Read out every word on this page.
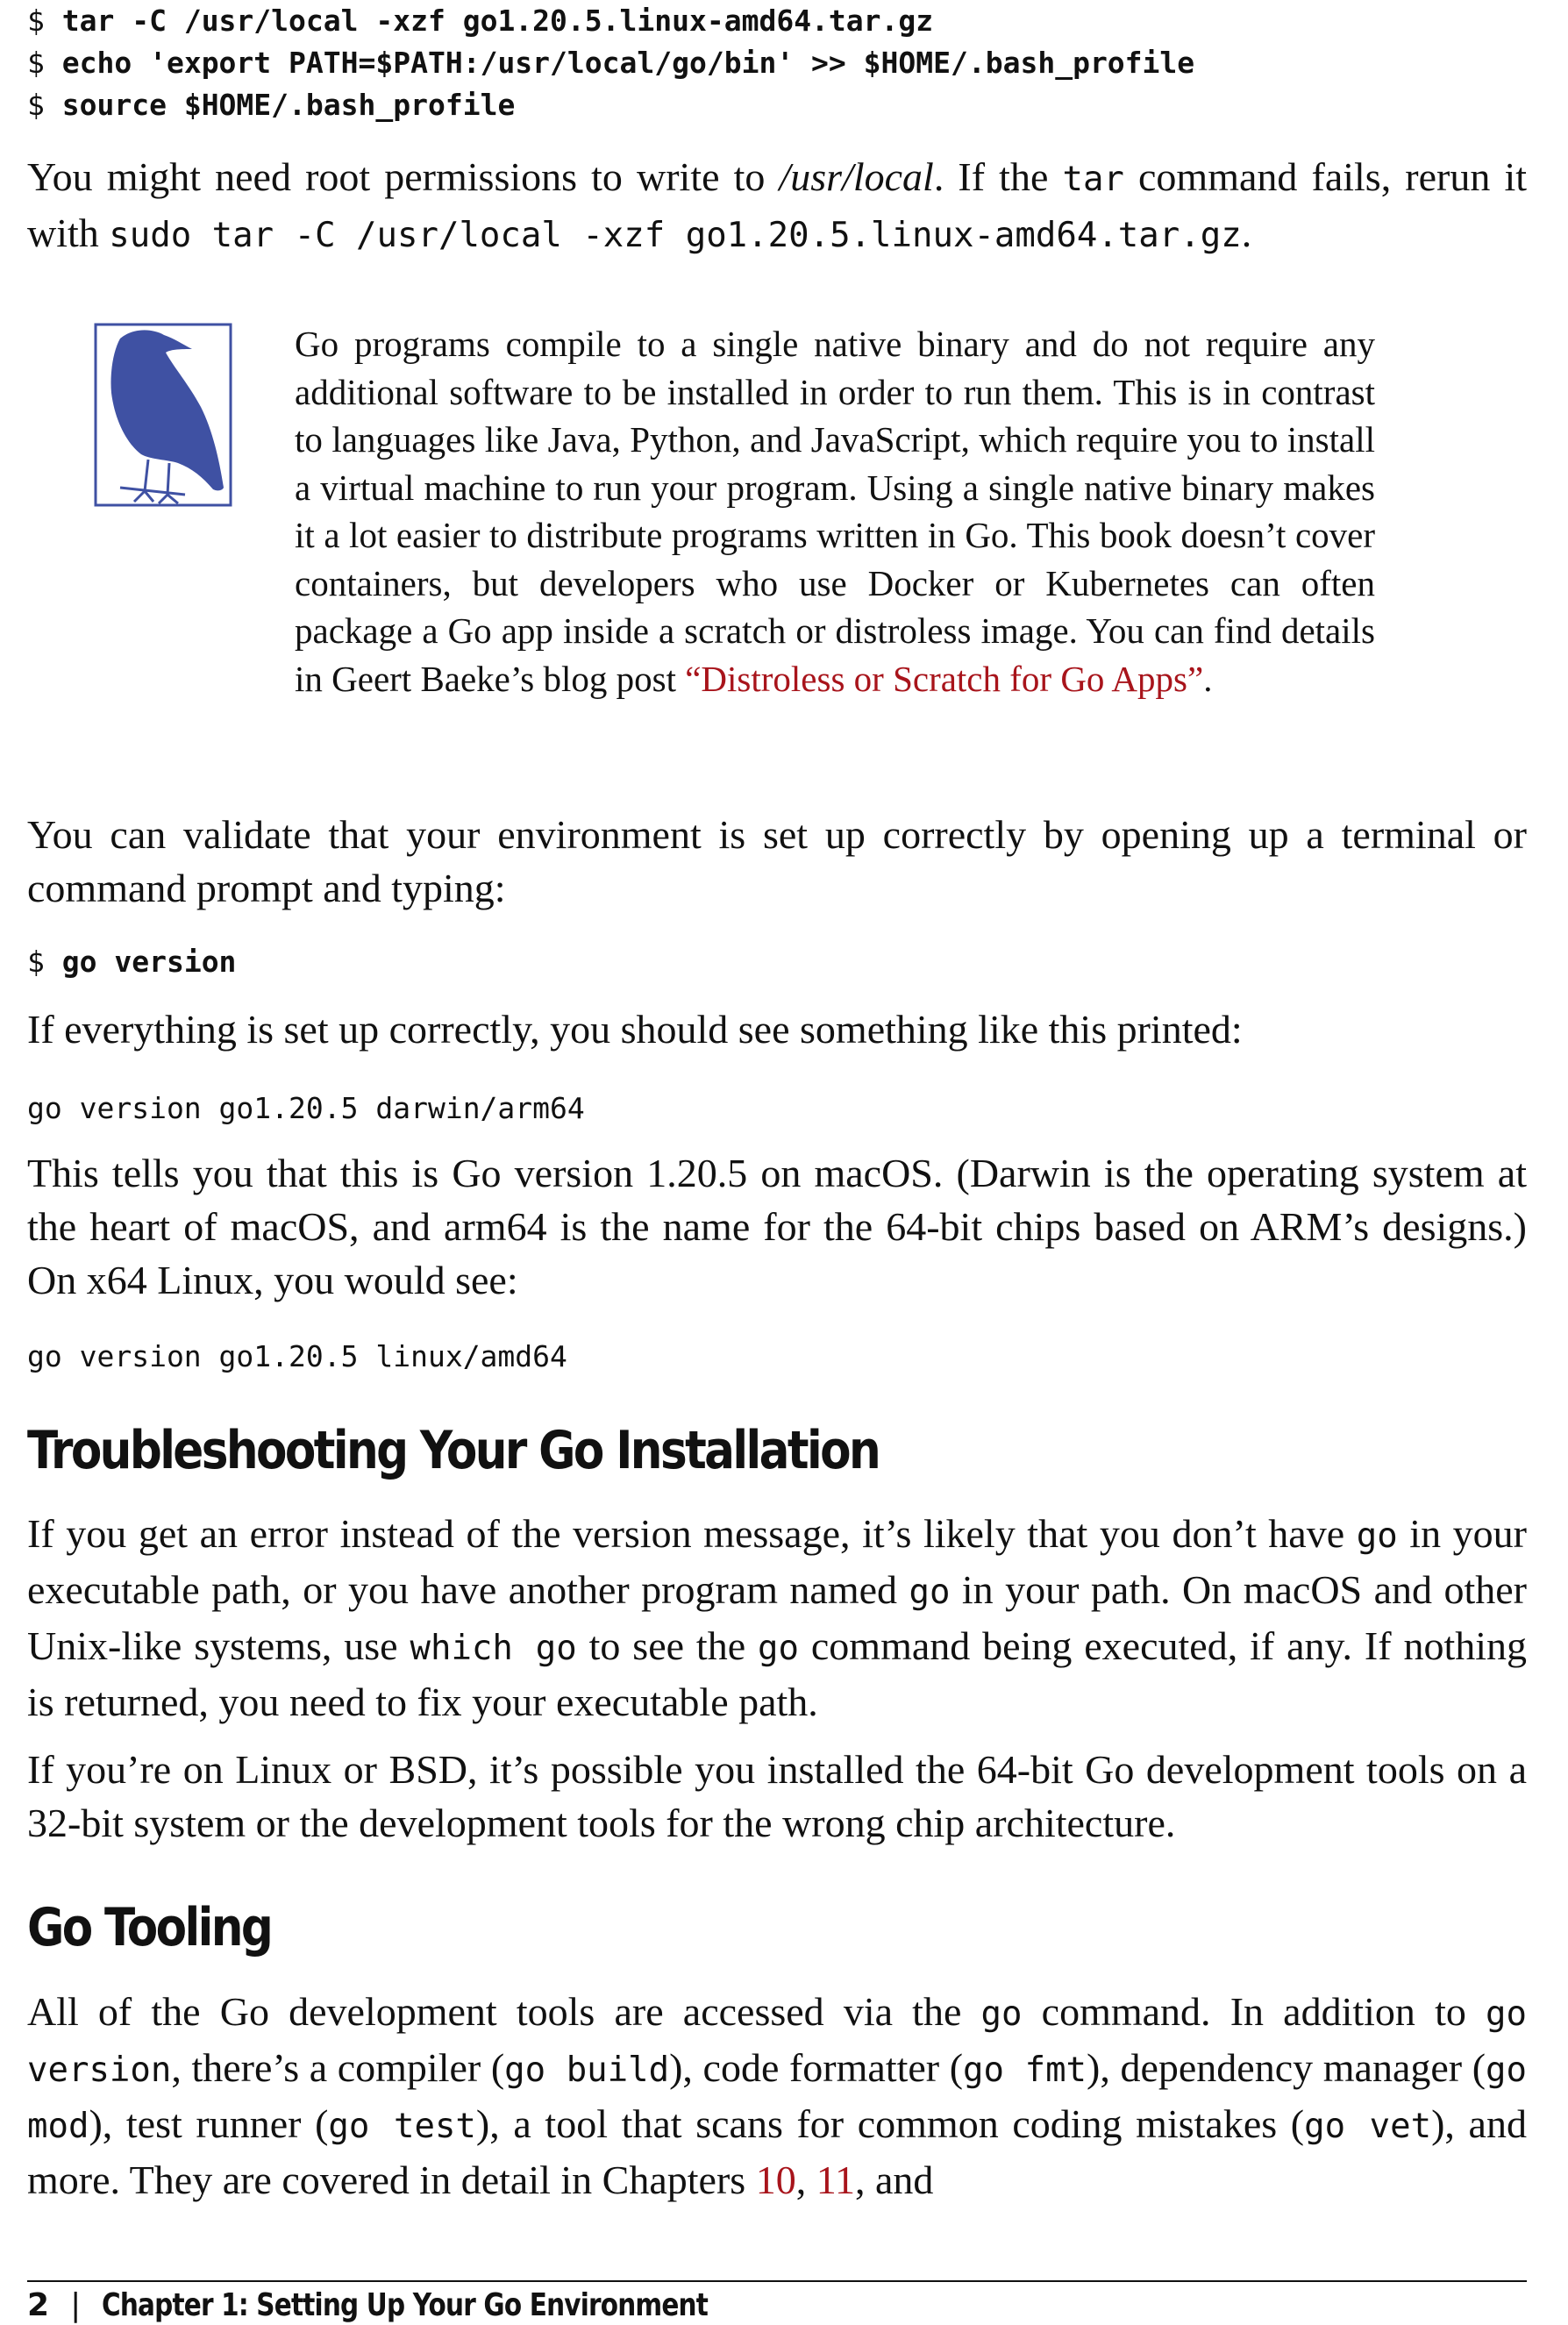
$ tar -C /usr/local -xzf go1.20.5.linux-amd64.tar.gz
$ echo 'export PATH=$PATH:/usr/local/go/bin' >> $HOME/.bash_profile
$ source $HOME/.bash_profile

You might need root permissions to write to /usr/local. If the tar command fails, rerun it with sudo tar -C /usr/local -xzf go1.20.5.linux-amd64.tar.gz.

Go programs compile to a single native binary and do not require any additional software to be installed in order to run them. This is in contrast to languages like Java, Python, and JavaScript, which require you to install a virtual machine to run your program. Using a single native binary makes it a lot easier to distribute programs written in Go. This book doesn’t cover containers, but developers who use Docker or Kubernetes can often package a Go app inside a scratch or distroless image. You can find details in Geert Baeke’s blog post “Distroless or Scratch for Go Apps”.

You can validate that your environment is set up correctly by opening up a terminal or command prompt and typing:

$ go version

If everything is set up correctly, you should see something like this printed:

go version go1.20.5 darwin/arm64

This tells you that this is Go version 1.20.5 on macOS. (Darwin is the operating system at the heart of macOS, and arm64 is the name for the 64-bit chips based on ARM’s designs.) On x64 Linux, you would see:

go version go1.20.5 linux/amd64
Troubleshooting Your Go Installation

If you get an error instead of the version message, it’s likely that you don’t have go in your executable path, or you have another program named go in your path. On macOS and other Unix-like systems, use which go to see the go command being executed, if any. If nothing is returned, you need to fix your executable path.

If you’re on Linux or BSD, it’s possible you installed the 64-bit Go development tools on a 32-bit system or the development tools for the wrong chip architecture.

Go Tooling

All of the Go development tools are accessed via the go command. In addition to go version, there’s a compiler (go build), code formatter (go fmt), dependency manager (go mod), test runner (go test), a tool that scans for common coding mistakes (go vet), and more. They are covered in detail in Chapters 10, 11, and

2 | Chapter 1: Setting Up Your Go Environment
